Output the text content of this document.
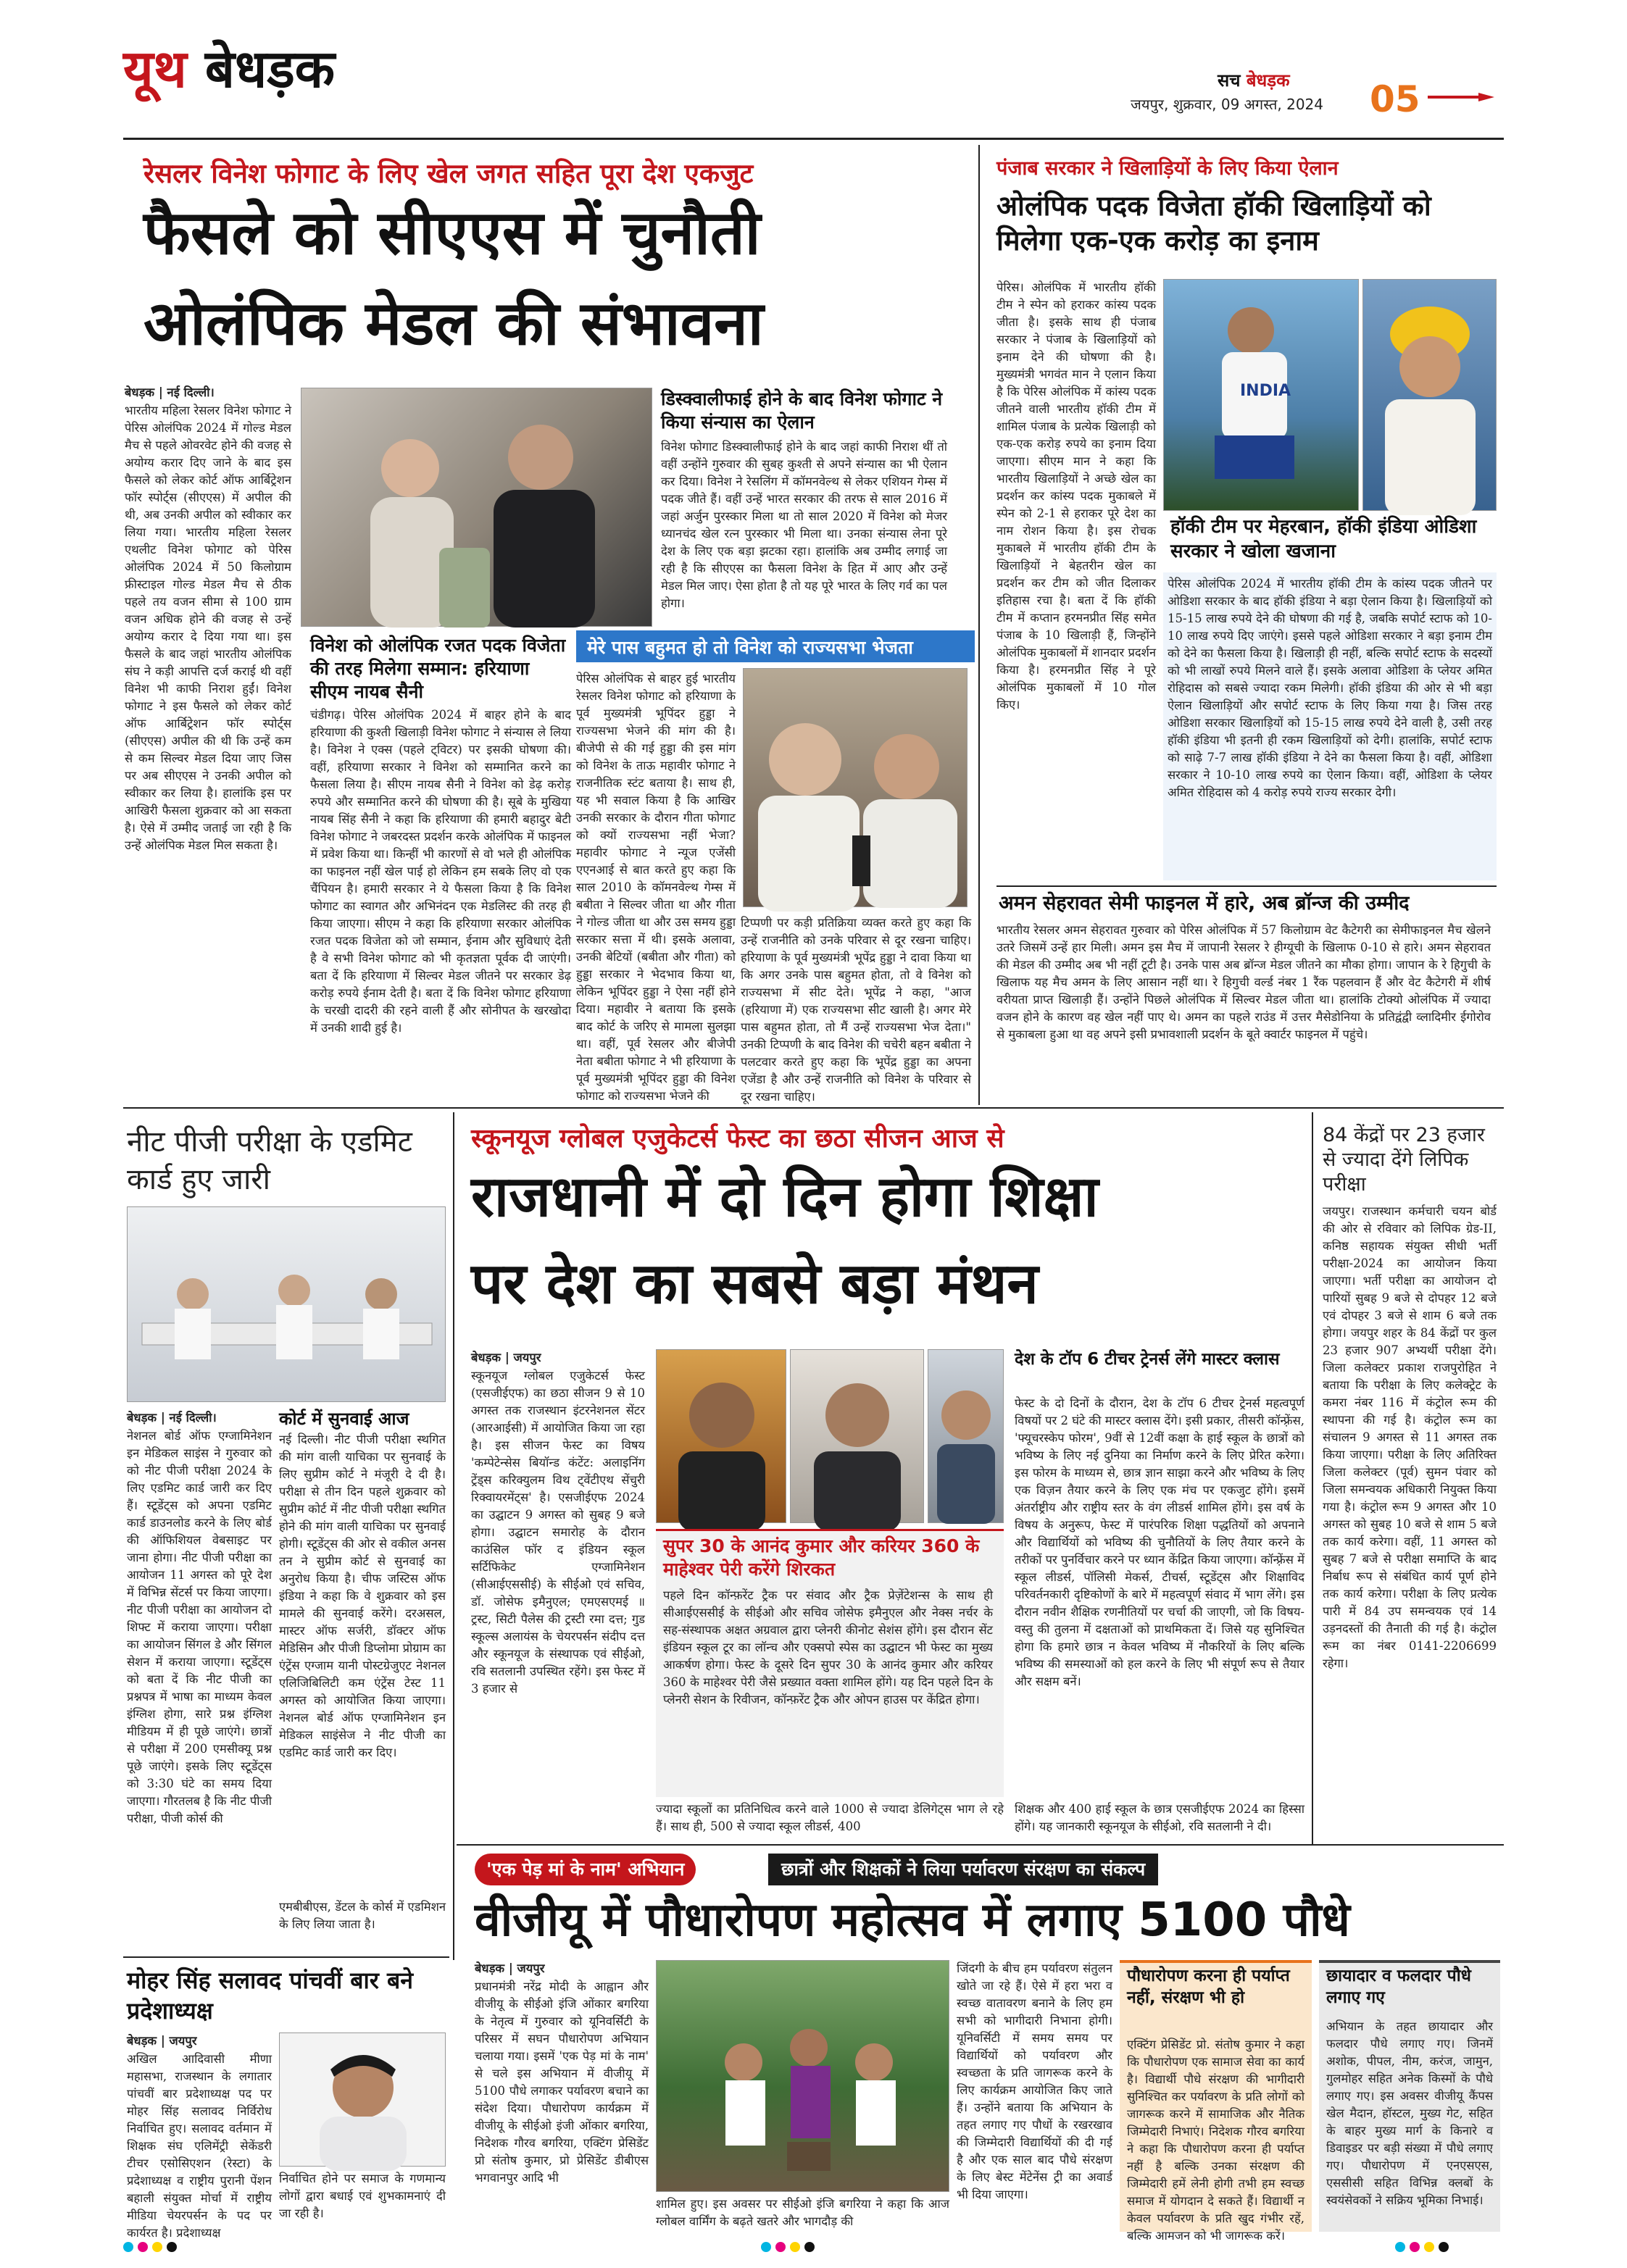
यूथ बेधड़क	सच बेधड़क
जयपुर, शुक्रवार, 09 अगस्त, 2024 05
रेसलर विनेश फोगाट के लिए खेल जगत सहित पूरा देश एकजुट
फैसले को सीएएस में चुनौती
ओलंपिक मेडल की संभावना
बेधड़क | नई दिल्ली।
भारतीय महिला रेसलर विनेश फोगाट ने पेरिस ओलंपिक 2024 में गोल्ड मेडल मैच से पहले ओवरवेट होने की वजह से अयोग्य करार दिए जाने के बाद इस फैसले को लेकर कोर्ट ऑफ आर्बिट्रेशन फॉर स्पोर्ट्स (सीएएस) में अपील की थी, अब उनकी अपील को स्वीकार कर लिया गया। भारतीय महिला रेसलर एथलीट विनेश फोगाट को पेरिस ओलंपिक 2024 में 50 किलोग्राम फ्रीस्टाइल गोल्ड मेडल मैच से ठीक पहले तय वजन सीमा से 100 ग्राम वजन अधिक होने की वजह से उन्हें अयोग्य करार दे दिया गया था। इस फैसले के बाद जहां भारतीय ओलंपिक संघ ने कड़ी आपत्ति दर्ज कराई थी वहीं विनेश भी काफी निराश हुईं। विनेश फोगाट ने इस फैसले को लेकर कोर्ट ऑफ आर्बिट्रेशन फॉर स्पोर्ट्स (सीएएस) अपील की थी कि उन्हें कम से कम सिल्वर मेडल दिया जाए जिस पर अब सीएएस ने उनकी अपील को स्वीकार कर लिया है। हालांकि इस पर आखिरी फैसला शुक्रवार को आ सकता है। ऐसे में उम्मीद जताई जा रही है कि उन्हें ओलंपिक मेडल मिल सकता है।
डिस्क्वालीफाई होने के बाद विनेश फोगाट ने किया संन्यास का ऐलान
विनेश फोगाट डिस्क्वालीफाई होने के बाद जहां काफी निराश थीं तो वहीं उन्होंने गुरुवार की सुबह कुश्ती से अपने संन्यास का भी ऐलान कर दिया। विनेश ने रेसलिंग में कॉमनवेल्थ से लेकर एशियन गेम्स में पदक जीते हैं। वहीं उन्हें भारत सरकार की तरफ से साल 2016 में जहां अर्जुन पुरस्कार मिला था तो साल 2020 में विनेश को मेजर ध्यानचंद खेल रत्न पुरस्कार भी मिला था। उनका संन्यास लेना पूरे देश के लिए एक बड़ा झटका रहा। हालांकि अब उम्मीद लगाई जा रही है कि सीएएस का फैसला विनेश के हित में आए और उन्हें मेडल मिल जाए। ऐसा होता है तो यह पूरे भारत के लिए गर्व का पल होगा।
विनेश को ओलंपिक रजत पदक विजेता की तरह मिलेगा सम्मान: हरियाणा सीएम नायब सैनी
चंडीगढ़। पेरिस ओलंपिक 2024 में बाहर होने के बाद हरियाणा की कुश्ती खिलाड़ी विनेश फोगाट ने संन्यास ले लिया है। विनेश ने एक्स (पहले ट्विटर) पर इसकी घोषणा की। वहीं, हरियाणा सरकार ने विनेश को सम्मानित करने का फैसला लिया है। सीएम नायब सैनी ने विनेश को डेढ़ करोड़ रुपये और सम्मानित करने की घोषणा की है। सूबे के मुखिया नायब सिंह सैनी ने कहा कि हरियाणा की हमारी बहादुर बेटी विनेश फोगाट ने जबरदस्त प्रदर्शन करके ओलंपिक में फाइनल में प्रवेश किया था। किन्हीं भी कारणों से वो भले ही ओलंपिक का फाइनल नहीं खेल पाई हो लेकिन हम सबके लिए वो एक चैंपियन है। हमारी सरकार ने ये फैसला किया है कि विनेश फोगाट का स्वागत और अभिनंदन एक मेडलिस्ट की तरह ही किया जाएगा। सीएम ने कहा कि हरियाणा सरकार ओलंपिक रजत पदक विजेता को जो सम्मान, ईनाम और सुविधाएं देती है वे सभी विनेश फोगाट को भी कृतज्ञता पूर्वक दी जाएंगी। बता दें कि हरियाणा में सिल्वर मेडल जीतने पर सरकार डेढ़ करोड़ रुपये ईनाम देती है। बता दें कि विनेश फोगाट हरियाणा के चरखी दादरी की रहने वाली हैं और सोनीपत के खरखोदा में उनकी शादी हुई है।
मेरे पास बहुमत हो तो विनेश को राज्यसभा भेजता
पेरिस ओलंपिक से बाहर हुई भारतीय रेसलर विनेश फोगाट को हरियाणा के पूर्व मुख्यमंत्री भूपिंदर हुड्डा ने राज्यसभा भेजने की मांग की है। बीजेपी से की गई हुड्डा की इस मांग को विनेश के ताऊ महावीर फोगाट ने राजनीतिक स्टंट बताया है। साथ ही, यह भी सवाल किया है कि आखिर उनकी सरकार के दौरान गीता फोगाट को क्यों राज्यसभा नहीं भेजा? महावीर फोगाट ने न्यूज एजेंसी एएनआई से बात करते हुए कहा कि साल 2010 के कॉमनवेल्थ गेम्स में बबीता ने सिल्वर जीता था और गीता ने गोल्ड जीता था और उस समय हुड्डा सरकार सत्ता में थी। इसके अलावा, उनकी बेटियों (बबीता और गीता) को हुड्डा सरकार ने भेदभाव किया था, लेकिन भूपिंदर हुड्डा ने ऐसा नहीं होने दिया। महावीर ने बताया कि इसके बाद कोर्ट के जरिए से मामला सुलझा था। वहीं, पूर्व रेसलर और बीजेपी नेता बबीता फोगाट ने भी हरियाणा के पूर्व मुख्यमंत्री भूपिंदर हुड्डा की विनेश फोगाट को राज्यसभा भेजने की
टिप्पणी पर कड़ी प्रतिक्रिया व्यक्त करते हुए कहा कि उन्हें राजनीति को उनके परिवार से दूर रखना चाहिए। हरियाणा के पूर्व मुख्यमंत्री भूपेंद्र हुड्डा ने दावा किया था कि अगर उनके पास बहुमत होता, तो वे विनेश को राज्यसभा में सीट देते। भूपेंद्र ने कहा, "आज (हरियाणा में) एक राज्यसभा सीट खाली है। अगर मेरे पास बहुमत होता, तो मैं उन्हें राज्यसभा भेज देता।" उनकी टिप्पणी के बाद विनेश की चचेरी बहन बबीता ने पलटवार करते हुए कहा कि भूपेंद्र हुड्डा का अपना एजेंडा है और उन्हें राजनीति को विनेश के परिवार से दूर रखना चाहिए।
पंजाब सरकार ने खिलाड़ियों के लिए किया ऐलान
ओलंपिक पदक विजेता हॉकी खिलाड़ियों को मिलेगा एक-एक करोड़ का इनाम
पेरिस। ओलंपिक में भारतीय हॉकी टीम ने स्पेन को हराकर कांस्य पदक जीता है। इसके साथ ही पंजाब सरकार ने पंजाब के खिलाड़ियों को इनाम देने की घोषणा की है। मुख्यमंत्री भगवंत मान ने एलान किया है कि पेरिस ओलंपिक में कांस्य पदक जीतने वाली भारतीय हॉकी टीम में शामिल पंजाब के प्रत्येक खिलाड़ी को एक-एक करोड़ रुपये का इनाम दिया जाएगा। सीएम मान ने कहा कि भारतीय खिलाड़ियों ने अच्छे खेल का प्रदर्शन कर कांस्य पदक मुकाबले में स्पेन को 2-1 से हराकर पूरे देश का नाम रोशन किया है। इस रोचक मुकाबले में भारतीय हॉकी टीम के खिलाड़ियों ने बेहतरीन खेल का प्रदर्शन कर टीम को जीत दिलाकर इतिहास रचा है। बता दें कि हॉकी टीम में कप्तान हरमनप्रीत सिंह समेत पंजाब के 10 खिलाड़ी हैं, जिन्होंने ओलंपिक मुकाबलों में शानदार प्रदर्शन किया है। हरमनप्रीत सिंह ने पूरे ओलंपिक मुकाबलों में 10 गोल किए।
INDIA
हॉकी टीम पर मेहरबान, हॉकी इंडिया ओडिशा सरकार ने खोला खजाना
पेरिस ओलंपिक 2024 में भारतीय हॉकी टीम के कांस्य पदक जीतने पर ओडिशा सरकार के बाद हॉकी इंडिया ने बड़ा ऐलान किया है। खिलाड़ियों को 15-15 लाख रुपये देने की घोषणा की गई है, जबकि सपोर्ट स्टाफ को 10-10 लाख रुपये दिए जाएंगे। इससे पहले ओडिशा सरकार ने बड़ा इनाम टीम को देने का फैसला किया है। खिलाड़ी ही नहीं, बल्कि सपोर्ट स्टाफ के सदस्यों को भी लाखों रुपये मिलने वाले हैं। इसके अलावा ओडिशा के प्लेयर अमित रोहिदास को सबसे ज्यादा रकम मिलेगी। हॉकी इंडिया की ओर से भी बड़ा ऐलान खिलाड़ियों और सपोर्ट स्टाफ के लिए किया गया है। जिस तरह ओडिशा सरकार खिलाड़ियों को 15-15 लाख रुपये देने वाली है, उसी तरह हॉकी इंडिया भी इतनी ही रकम खिलाड़ियों को देगी। हालांकि, सपोर्ट स्टाफ को साढ़े 7-7 लाख हॉकी इंडिया ने देने का फैसला किया है। वहीं, ओडिशा सरकार ने 10-10 लाख रुपये का ऐलान किया। वहीं, ओडिशा के प्लेयर अमित रोहिदास को 4 करोड़ रुपये राज्य सरकार देगी।
अमन सेहरावत सेमी फाइनल में हारे, अब ब्रॉन्ज की उम्मीद
भारतीय रेसलर अमन सेहरावत गुरुवार को पेरिस ओलंपिक में 57 किलोग्राम वेट कैटेगरी का सेमीफाइनल मैच खेलने उतरे जिसमें उन्हें हार मिली। अमन इस मैच में जापानी रेसलर रे हीग्यूची के खिलाफ 0-10 से हारे। अमन सेहरावत की मेडल की उम्मीद अब भी नहीं टूटी है। उनके पास अब ब्रॉन्ज मेडल जीतने का मौका होगा। जापान के रे हिगुची के खिलाफ यह मैच अमन के लिए आसान नहीं था। रे हिगुची वर्ल्ड नंबर 1 रैंक पहलवान हैं और वेट कैटेगरी में शीर्ष वरीयता प्राप्त खिलाड़ी हैं। उन्होंने पिछले ओलंपिक में सिल्वर मेडल जीता था। हालांकि टोक्यो ओलंपिक में ज्यादा वजन होने के कारण वह खेल नहीं पाए थे। अमन का पहले राउंड में उत्तर मैसेडोनिया के प्रतिद्वंद्वी व्लादिमीर ईगोरोव से मुकाबला हुआ था वह अपने इसी प्रभावशाली प्रदर्शन के बूते क्वार्टर फाइनल में पहुंचे।
नीट पीजी परीक्षा के एडमिट कार्ड हुए जारी
बेधड़क | नई दिल्ली।
नेशनल बोर्ड ऑफ एग्जामिनेशन इन मेडिकल साइंस ने गुरुवार को को नीट पीजी परीक्षा 2024 के लिए एडमिट कार्ड जारी कर दिए हैं। स्टूडेंट्स को अपना एडमिट कार्ड डाउनलोड करने के लिए बोर्ड की ऑफिशियल वेबसाइट पर जाना होगा। नीट पीजी परीक्षा का आयोजन 11 अगस्त को पूरे देश में विभिन्न सेंटर्स पर किया जाएगा। नीट पीजी परीक्षा का आयोजन दो शिफ्ट में कराया जाएगा। परीक्षा का आयोजन सिंगल डे और सिंगल सेशन में कराया जाएगा। स्टूडेंट्स को बता दें कि नीट पीजी का प्रश्नपत्र में भाषा का माध्यम केवल इंग्लिश होगा, सारे प्रश्न इंग्लिश मीडियम में ही पूछे जाएंगे। छात्रों से परीक्षा में 200 एमसीक्यू प्रश्न पूछे जाएंगे। इसके लिए स्टूडेंट्स को 3:30 घंटे का समय दिया जाएगा। गौरतलब है कि नीट पीजी परीक्षा, पीजी कोर्स की
कोर्ट में सुनवाई आज
नई दिल्ली। नीट पीजी परीक्षा स्थगित की मांग वाली याचिका पर सुनवाई के लिए सुप्रीम कोर्ट ने मंजूरी दे दी है। परीक्षा से तीन दिन पहले शुक्रवार को सुप्रीम कोर्ट में नीट पीजी परीक्षा स्थगित होने की मांग वाली याचिका पर सुनवाई होगी। स्टूडेंट्स की ओर से वकील अनस तन ने सुप्रीम कोर्ट से सुनवाई का अनुरोध किया है। चीफ जस्टिस ऑफ इंडिया ने कहा कि वे शुक्रवार को इस मामले की सुनवाई करेंगे। दरअसल, मास्टर ऑफ सर्जरी, डॉक्टर ऑफ मेडिसिन और पीजी डिप्लोमा प्रोग्राम का एंट्रेंस एग्जाम यानी पोस्टग्रेजुएट नेशनल एलिजिबिलिटी कम एंट्रेंस टेस्ट 11 अगस्त को आयोजित किया जाएगा। नेशनल बोर्ड ऑफ एग्जामिनेशन इन मेडिकल साइंसेज ने नीट पीजी का एडमिट कार्ड जारी कर दिए।
एमबीबीएस, डेंटल के कोर्स में एडमिशन के लिए लिया जाता है।
स्कूनयूज ग्लोबल एजुकेटर्स फेस्ट का छठा सीजन आज से
राजधानी में दो दिन होगा शिक्षा
पर देश का सबसे बड़ा मंथन
बेधड़क | जयपुर
स्कूनयूज ग्लोबल एजुकेटर्स फेस्ट (एसजीईएफ) का छठा सीजन 9 से 10 अगस्त तक राजस्थान इंटरनेशनल सेंटर (आरआईसी) में आयोजित किया जा रहा है। इस सीजन फेस्ट का विषय 'कम्पेटेन्सेस बियॉन्ड कंटेंट: अलाइनिंग ट्रेंड्स करिक्युलम विथ ट्वेंटीएथ सेंचुरी रिक्वायरमेंट्स' है। एसजीईएफ 2024 का उद्घाटन 9 अगस्त को सुबह 9 बजे होगा। उद्घाटन समारोह के दौरान काउंसिल फॉर द इंडियन स्कूल सर्टिफिकेट एग्जामिनेशन (सीआईएससीई) के सीईओ एवं सचिव, डॉ. जोसेफ इमैनुएल; एमएसएमई ॥ ट्रस्ट, सिटी पैलेस की ट्रस्टी रमा दत्त; गुड स्कूल्स अलायंस के चेयरपर्सन संदीप दत्त और स्कूनयूज के संस्थापक एवं सीईओ, रवि सतलानी उपस्थित रहेंगे। इस फेस्ट में 3 हजार से
सुपर 30 के आनंद कुमार और करियर 360 के माहेश्वर पेरी करेंगे शिरकत
पहले दिन कॉन्फ़रेंट ट्रैक पर संवाद और ट्रैक प्रेज़ेंटेशन्स के साथ ही सीआईएससीई के सीईओ और सचिव जोसेफ इमैनुएल और नेक्स नर्चर के सह-संस्थापक अक्षत अग्रवाल द्वारा प्लेनरी कीनोट सेशंस होंगे। इस दौरान सेंट इंडियन स्कूल टूर का लॉन्च और एक्सपो स्पेस का उद्घाटन भी फेस्ट का मुख्य आकर्षण होगा। फेस्ट के दूसरे दिन सुपर 30 के आनंद कुमार और करियर 360 के माहेश्वर पेरी जैसे प्रख्यात वक्ता शामिल होंगे। यह दिन पहले दिन के प्लेनरी सेशन के रिवीजन, कॉन्फ़रेंट ट्रैक और ओपन हाउस पर केंद्रित होगा।
देश के टॉप 6 टीचर ट्रेनर्स लेंगे मास्टर क्लास
फेस्ट के दो दिनों के दौरान, देश के टॉप 6 टीचर ट्रेनर्स महत्वपूर्ण विषयों पर 2 घंटे की मास्टर क्लास देंगे। इसी प्रकार, तीसरी कॉन्फ़्रेंस, 'फ्यूचरस्केप फोरम', 9वीं से 12वीं कक्षा के हाई स्कूल के छात्रों को भविष्य के लिए नई दुनिया का निर्माण करने के लिए प्रेरित करेगा। इस फोरम के माध्यम से, छात्र ज्ञान साझा करने और भविष्य के लिए एक विज़न तैयार करने के लिए एक मंच पर एकजुट होंगे। इसमें अंतर्राष्ट्रीय और राष्ट्रीय स्तर के वंग लीडर्स शामिल होंगे। इस वर्ष के विषय के अनुरूप, फेस्ट में पारंपरिक शिक्षा पद्धतियों को अपनाने और विद्यार्थियों को भविष्य की चुनौतियों के लिए तैयार करने के तरीकों पर पुनर्विचार करने पर ध्यान केंद्रित किया जाएगा। कॉन्फ़्रेंस में स्कूल लीडर्स, पॉलिसी मेकर्स, टीचर्स, स्टूडेंट्स और शिक्षाविद परिवर्तनकारी दृष्टिकोणों के बारे में महत्वपूर्ण संवाद में भाग लेंगे। इस दौरान नवीन शैक्षिक रणनीतियों पर चर्चा की जाएगी, जो कि विषय-वस्तु की तुलना में दक्षताओं को प्राथमिकता दें। जिसे यह सुनिश्चित होगा कि हमारे छात्र न केवल भविष्य में नौकरियों के लिए बल्कि भविष्य की समस्याओं को हल करने के लिए भी संपूर्ण रूप से तैयार और सक्षम बनें।
ज्यादा स्कूलों का प्रतिनिधित्व करने वाले 1000 से ज्यादा डेलिगेट्स भाग ले रहे हैं। साथ ही, 500 से ज्यादा स्कूल लीडर्स, 400
शिक्षक और 400 हाई स्कूल के छात्र एसजीईएफ 2024 का हिस्सा होंगे। यह जानकारी स्कूनयूज के सीईओ, रवि सतलानी ने दी।
84 केंद्रों पर 23 हजार से ज्यादा देंगे लिपिक परीक्षा
जयपुर। राजस्थान कर्मचारी चयन बोर्ड की ओर से रविवार को लिपिक ग्रेड-II, कनिष्ठ सहायक संयुक्त सीधी भर्ती परीक्षा-2024 का आयोजन किया जाएगा। भर्ती परीक्षा का आयोजन दो पारियों सुबह 9 बजे से दोपहर 12 बजे एवं दोपहर 3 बजे से शाम 6 बजे तक होगा। जयपुर शहर के 84 केंद्रों पर कुल 23 हजार 907 अभ्यर्थी परीक्षा देंगे। जिला कलेक्टर प्रकाश राजपुरोहित ने बताया कि परीक्षा के लिए कलेक्ट्रेट के कमरा नंबर 116 में कंट्रोल रूम की स्थापना की गई है। कंट्रोल रूम का संचालन 9 अगस्त से 11 अगस्त तक किया जाएगा। परीक्षा के लिए अतिरिक्त जिला कलेक्टर (पूर्व) सुमन पंवार को जिला समन्वयक अधिकारी नियुक्त किया गया है। कंट्रोल रूम 9 अगस्त और 10 अगस्त को सुबह 10 बजे से शाम 5 बजे तक कार्य करेगा। वहीं, 11 अगस्त को सुबह 7 बजे से परीक्षा समाप्ति के बाद निर्बाध रूप से संबंधित कार्य पूर्ण होने तक कार्य करेगा। परीक्षा के लिए प्रत्येक पारी में 84 उप समन्वयक एवं 14 उड़नदस्तों की तैनाती की गई है। कंट्रोल रूम का नंबर 0141-2206699 रहेगा।
मोहर सिंह सलावद पांचवीं बार बने प्रदेशाध्यक्ष
बेधड़क | जयपुर
अखिल आदिवासी मीणा महासभा, राजस्थान के लगातार पांचवीं बार प्रदेशाध्यक्ष पद पर मोहर सिंह सलावद निर्विरोध निर्वाचित हुए। सलावद वर्तमान में शिक्षक संघ एलिमेंट्री सेकेंडरी टीचर एसोसिएशन (रेस्टा) के प्रदेशाध्यक्ष व राष्ट्रीय पुरानी पेंशन बहाली संयुक्त मोर्चा में राष्ट्रीय मीडिया चेयरपर्सन के पद पर कार्यरत है। प्रदेशाध्यक्ष
निर्वाचित होने पर समाज के गणमान्य लोगों द्वारा बधाई एवं शुभकामनाएं दी जा रही है।
'एक पेड़ मां के नाम' अभियान	छात्रों और शिक्षकों ने लिया पर्यावरण संरक्षण का संकल्प
वीजीयू में पौधारोपण महोत्सव में लगाए 5100 पौधे
बेधड़क | जयपुर
प्रधानमंत्री नरेंद्र मोदी के आह्वान और वीजीयू के सीईओ इंजि ओंकार बगरिया के नेतृत्व में गुरुवार को यूनिवर्सिटी के परिसर में सघन पौधारोपण अभियान चलाया गया। इसमें 'एक पेड़ मां के नाम' से चले इस अभियान में वीजीयू में 5100 पौधे लगाकर पर्यावरण बचाने का संदेश दिया। पौधारोपण कार्यक्रम में वीजीयू के सीईओ इंजी ओंकार बगरिया, निदेशक गौरव बगरिया, एक्टिंग प्रेसिडेंट प्रो संतोष कुमार, प्रो प्रेसिडेंट डीबीएस भगवानपुर आदि भी
शामिल हुए। इस अवसर पर सीईओ इंजि बगरिया ने कहा कि आज ग्लोबल वार्मिंग के बढ़ते खतरे और भागदौड़ की
जिंदगी के बीच हम पर्यावरण संतुलन खोते जा रहे हैं। ऐसे में हरा भरा व स्वच्छ वातावरण बनाने के लिए हम सभी को भागीदारी निभाना होगी। यूनिवर्सिटी में समय समय पर विद्यार्थियों को पर्यावरण और स्वच्छता के प्रति जागरूक करने के लिए कार्यक्रम आयोजित किए जाते हैं। उन्होंने बताया कि अभियान के तहत लगाए गए पौधों के रखरखाव की जिम्मेदारी विद्यार्थियों की दी गई है और एक साल बाद पौधे संरक्षण के लिए बेस्ट मेंटेनेंस ट्री का अवार्ड भी दिया जाएगा।
पौधारोपण करना ही पर्याप्त नहीं, संरक्षण भी हो
एक्टिंग प्रेसिडेंट प्रो. संतोष कुमार ने कहा कि पौधारोपण एक सामाज सेवा का कार्य है। विद्यार्थी पौधे संरक्षण की भागीदारी सुनिश्चित कर पर्यावरण के प्रति लोगों को जागरूक करने में सामाजिक और नैतिक जिम्मेदारी निभाएं। निदेशक गौरव बगरिया ने कहा कि पौधारोपण करना ही पर्याप्त नहीं है बल्कि उनका संरक्षण की जिम्मेदारी हमें लेनी होगी तभी हम स्वच्छ समाज में योगदान दे सकते हैं। विद्यार्थी न केवल पर्यावरण के प्रति खुद गंभीर रहें, बल्कि आमजन को भी जागरूक करें।
छायादार व फलदार पौधे लगाए गए
अभियान के तहत छायादार और फलदार पौधे लगाए गए। जिनमें अशोक, पीपल, नीम, करंज, जामुन, गुलमोहर सहित अनेक किस्मों के पौधे लगाए गए। इस अवसर वीजीयू कैंपस खेल मैदान, हॉस्टल, मुख्य गेट, सहित के बाहर मुख्य मार्ग के किनारे व डिवाइडर पर बड़ी संख्या में पौधे लगाए गए। पौधारोपण में एनएसएस, एससीसी सहित विभिन्न क्लबों के स्वयंसेवकों ने सक्रिय भूमिका निभाई।
